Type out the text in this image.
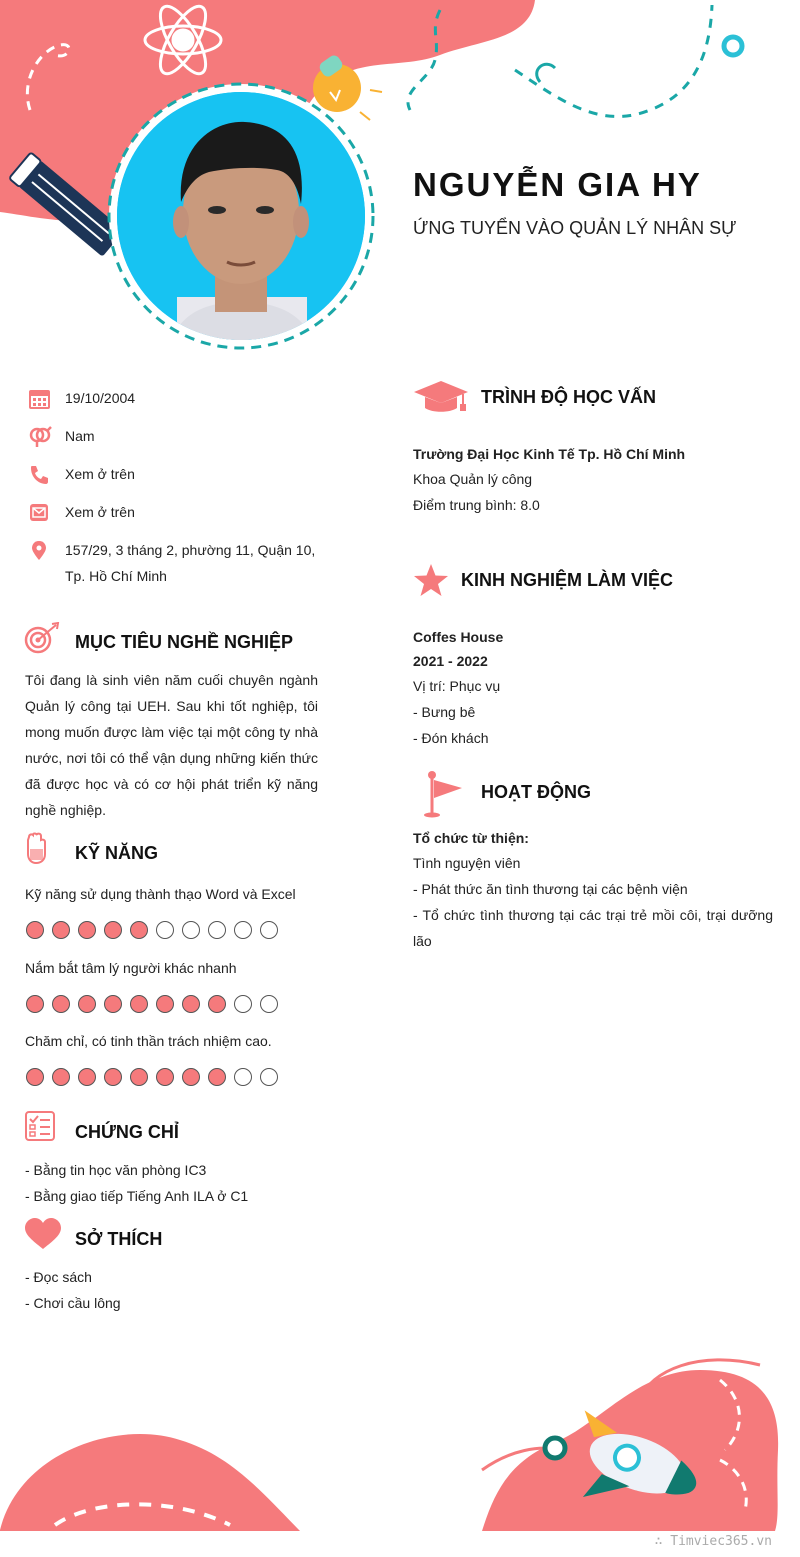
NGUYỄN GIA HY
ỨNG TUYỂN VÀO QUẢN LÝ NHÂN SỰ
19/10/2004
Nam
Xem ở trên
Xem ở trên
157/29, 3 tháng 2, phường 11, Quận 10, Tp. Hồ Chí Minh
MỤC TIÊU NGHỀ NGHIỆP
Tôi đang là sinh viên năm cuối chuyên ngành Quản lý công tại UEH. Sau khi tốt nghiệp, tôi mong muốn được làm việc tại một công ty nhà nước, nơi tôi có thể vận dụng những kiến thức đã được học và có cơ hội phát triển kỹ năng nghề nghiệp.
KỸ NĂNG
Kỹ năng sử dụng thành thạo Word và Excel
Nắm bắt tâm lý người khác nhanh
Chăm chỉ, có tinh thần trách nhiệm cao.
CHỨNG CHỈ
- Bằng tin học văn phòng IC3
- Bằng giao tiếp Tiếng Anh ILA ở C1
SỞ THÍCH
- Đọc sách
- Chơi cầu lông
TRÌNH ĐỘ HỌC VẤN
Trường Đại Học Kinh Tế Tp. Hồ Chí Minh
Khoa Quản lý công
Điểm trung bình: 8.0
KINH NGHIỆM LÀM VIỆC
Coffes House
2021 - 2022
Vị trí: Phục vụ
- Bưng bê
- Đón khách
HOẠT ĐỘNG
Tổ chức từ thiện:
Tình nguyện viên
- Phát thức ăn tình thương tại các bệnh viện
- Tổ chức tình thương tại các trại trẻ mồi côi, trại dưỡng lão
∴ Timviec365.vn
